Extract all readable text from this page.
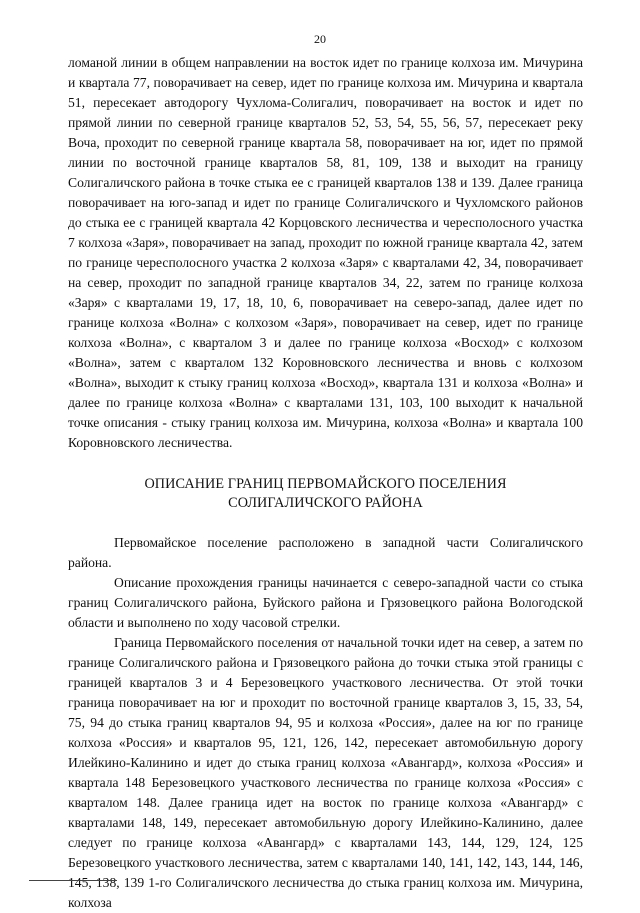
20

ломаной линии в общем направлении на восток идет по границе колхоза им. Мичурина и квартала 77, поворачивает на север, идет по границе колхоза им. Мичурина и квартала 51, пересекает автодорогу Чухлома-Солигалич, поворачивает на восток и идет по прямой линии по северной границе кварталов 52, 53, 54, 55, 56, 57, пересекает реку Воча, проходит по северной границе квартала 58, поворачивает на юг, идет по прямой линии по восточной границе кварталов 58, 81, 109, 138 и выходит на границу Солигаличского района в точке стыка ее с границей кварталов 138 и 139. Далее граница поворачивает на юго-запад и идет по границе Солигаличского и Чухломского районов до стыка ее с границей квартала 42 Корцовского лесничества и чересполосного участка 7 колхоза «Заря», поворачивает на запад, проходит по южной границе квартала 42, затем по границе чересполосного участка 2 колхоза «Заря» с кварталами 42, 34, поворачивает на север, проходит по западной границе кварталов 34, 22, затем по границе колхоза «Заря» с кварталами 19, 17, 18, 10, 6, поворачивает на северо-запад, далее идет по границе колхоза «Волна» с колхозом «Заря», поворачивает на север, идет по границе колхоза «Волна», с кварталом 3 и далее по границе колхоза «Восход» с колхозом «Волна», затем с кварталом 132 Коровновского лесничества и вновь с колхозом «Волна», выходит к стыку границ колхоза «Восход», квартала 131 и колхоза «Волна» и далее по границе колхоза «Волна» с кварталами 131, 103, 100 выходит к начальной точке описания - стыку границ колхоза им. Мичурина, колхоза «Волна» и квартала 100 Коровновского лесничества.

ОПИСАНИЕ ГРАНИЦ ПЕРВОМАЙСКОГО ПОСЕЛЕНИЯ
СОЛИГАЛИЧСКОГО РАЙОНА

Первомайское поселение расположено в западной части Солигаличского района.

Описание прохождения границы начинается с северо-западной части со стыка границ Солигаличского района, Буйского района и Грязовецкого района Вологодской области и выполнено по ходу часовой стрелки.

Граница Первомайского поселения от начальной точки идет на север, а затем по границе Солигаличского района и Грязовецкого района до точки стыка этой границы с границей кварталов 3 и 4 Березовецкого участкового лесничества. От этой точки граница поворачивает на юг и проходит по восточной границе кварталов 3, 15, 33, 54, 75, 94 до стыка границ кварталов 94, 95 и колхоза «Россия», далее на юг по границе колхоза «Россия» и кварталов 95, 121, 126, 142, пересекает автомобильную дорогу Илейкино-Калинино и идет до стыка границ колхоза «Авангард», колхоза «Россия» и квартала 148 Березовецкого участкового лесничества по границе колхоза «Россия» с кварталом 148. Далее граница идет на восток по границе колхоза «Авангард» с кварталами 148, 149, пересекает автомобильную дорогу Илейкино-Калинино, далее следует по границе колхоза «Авангард» с кварталами 143, 144, 129, 124, 125 Березовецкого участкового лесничества, затем с кварталами 140, 141, 142, 143, 144, 146, 145, 138, 139 1-го Солигаличского лесничества до стыка границ колхоза им. Мичурина, колхоза
